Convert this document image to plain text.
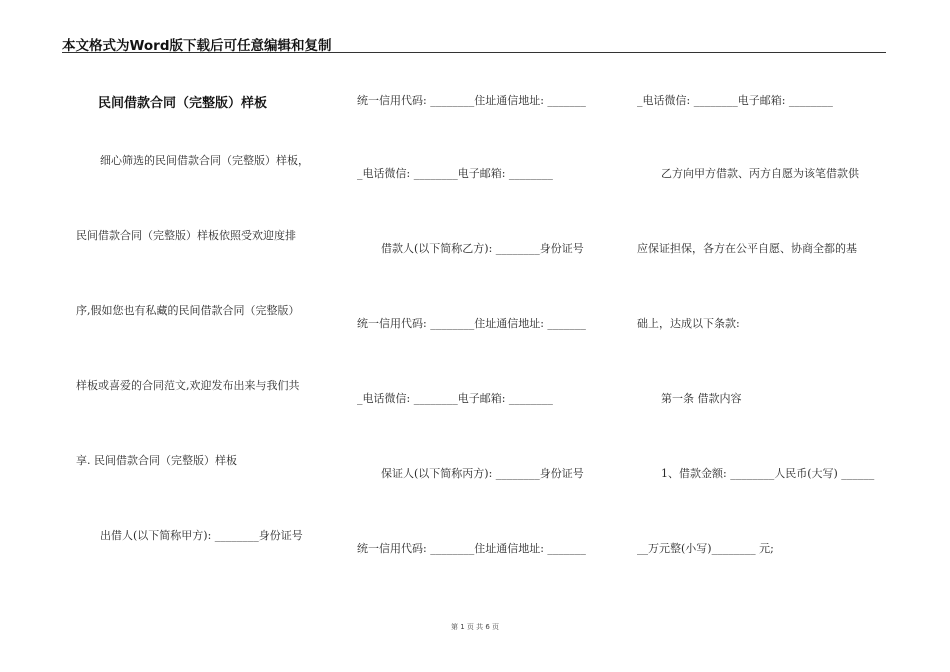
本文格式为Word版下载后可任意编辑和复制
民间借款合同（完整版）样板
细心筛选的民间借款合同（完整版）样板，
民间借款合同（完整版）样板依照受欢迎度排
序,假如您也有私藏的民间借款合同（完整版）
样板或喜爱的合同范文,欢迎发布出来与我们共
享. 民间借款合同（完整版）样板
出借人(以下简称甲方): ________身份证号
统一信用代码: ________住址通信地址: _______
_电话微信: ________电子邮箱: ________
借款人(以下简称乙方): ________身份证号
统一信用代码: ________住址通信地址: _______
_电话微信: ________电子邮箱: ________
保证人(以下简称丙方): ________身份证号
统一信用代码: ________住址通信地址: _______
_电话微信: ________电子邮箱: ________
乙方向甲方借款、丙方自愿为该笔借款供
应保证担保，各方在公平自愿、协商全都的基
础上，达成以下条款:
第一条 借款内容
1、借款金额: ________人民币(大写) ______
__万元整(小写)________ 元;
第 1 页 共 6 页
